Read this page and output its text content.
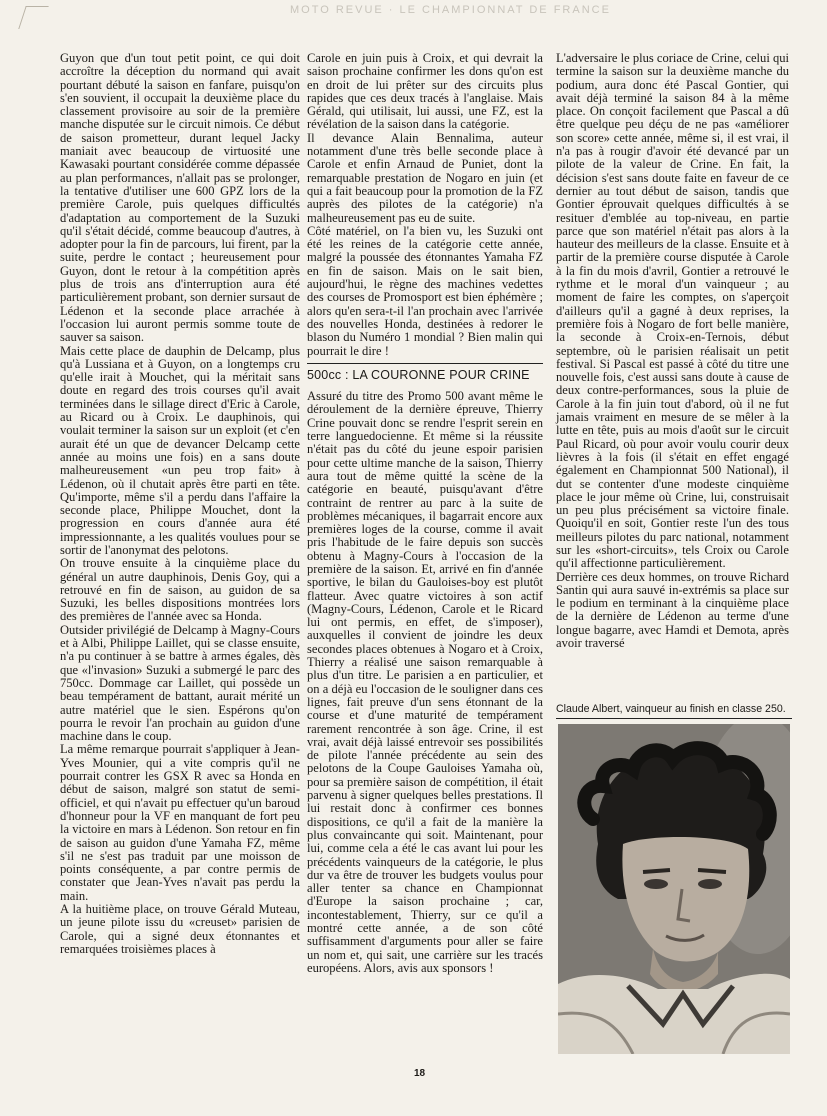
MOTO REVUE · LE CHAMPIONNAT DE FRANCE

Guyon que d'un tout petit point, ce qui doit accroître la déception du normand qui avait pourtant débuté la saison en fanfare, puisqu'on s'en souvient, il occupait la deuxième place du classement provisoire au soir de la première manche disputée sur le circuit nimois. Ce début de saison prometteur, durant lequel Jacky maniait avec beaucoup de virtuosité une Kawasaki pourtant considérée comme dépassée au plan performances, n'allait pas se prolonger, la tentative d'utiliser une 600 GPZ lors de la première Carole, puis quelques difficultés d'adaptation au comportement de la Suzuki qu'il s'était décidé, comme beaucoup d'autres, à adopter pour la fin de parcours, lui firent, par la suite, perdre le contact ; heureusement pour Guyon, dont le retour à la compétition après plus de trois ans d'interruption aura été particulièrement probant, son dernier sursaut de Lédenon et la seconde place arrachée à l'occasion lui auront permis somme toute de sauver sa saison.

Mais cette place de dauphin de Delcamp, plus qu'à Lussiana et à Guyon, on a longtemps cru qu'elle irait à Mouchet, qui la méritait sans doute en regard des trois courses qu'il avait terminées dans le sillage direct d'Eric à Carole, au Ricard ou à Croix. Le dauphinois, qui voulait terminer la saison sur un exploit (et c'en aurait été un que de devancer Delcamp cette année au moins une fois) en a sans doute malheureusement «un peu trop fait» à Lédenon, où il chutait après être parti en tête. Qu'importe, même s'il a perdu dans l'affaire la seconde place, Philippe Mouchet, dont la progression en cours d'année aura été impressionnante, a les qualités voulues pour se sortir de l'anonymat des pelotons.

On trouve ensuite à la cinquième place du général un autre dauphinois, Denis Goy, qui a retrouvé en fin de saison, au guidon de sa Suzuki, les belles dispositions montrées lors des premières de l'année avec sa Honda.

Outsider privilégié de Delcamp à Magny-Cours et à Albi, Philippe Laillet, qui se classe ensuite, n'a pu continuer à se battre à armes égales, dès que «l'invasion» Suzuki a submergé le parc des 750cc. Dommage car Laillet, qui possède un beau tempérament de battant, aurait mérité un autre matériel que le sien. Espérons qu'on pourra le revoir l'an prochain au guidon d'une machine dans le coup.

La même remarque pourrait s'appliquer à Jean-Yves Mounier, qui a vite compris qu'il ne pourrait contrer les GSX R avec sa Honda en début de saison, malgré son statut de semi-officiel, et qui n'avait pu effectuer qu'un baroud d'honneur pour la VF en manquant de fort peu la victoire en mars à Lédenon. Son retour en fin de saison au guidon d'une Yamaha FZ, même s'il ne s'est pas traduit par une moisson de points conséquente, a par contre permis de constater que Jean-Yves n'avait pas perdu la main.

A la huitième place, on trouve Gérald Muteau, un jeune pilote issu du «creuset» parisien de Carole, qui a signé deux étonnantes et remarquées troisièmes places à

Carole en juin puis à Croix, et qui devrait la saison prochaine confirmer les dons qu'on est en droit de lui prêter sur des circuits plus rapides que ces deux tracés à l'anglaise. Mais Gérald, qui utilisait, lui aussi, une FZ, est la révélation de la saison dans la catégorie.

Il devance Alain Bennalima, auteur notamment d'une très belle seconde place à Carole et enfin Arnaud de Puniet, dont la remarquable prestation de Nogaro en juin (et qui a fait beaucoup pour la promotion de la FZ auprès des pilotes de la catégorie) n'a malheureusement pas eu de suite.

Côté matériel, on l'a bien vu, les Suzuki ont été les reines de la catégorie cette année, malgré la poussée des étonnantes Yamaha FZ en fin de saison. Mais on le sait bien, aujourd'hui, le règne des machines vedettes des courses de Promosport est bien éphémère ; alors qu'en sera-t-il l'an prochain avec l'arrivée des nouvelles Honda, destinées à redorer le blason du Numéro 1 mondial ? Bien malin qui pourrait le dire !

500cc : LA COURONNE POUR CRINE

Assuré du titre des Promo 500 avant même le déroulement de la dernière épreuve, Thierry Crine pouvait donc se rendre l'esprit serein en terre languedocienne. Et même si la réussite n'était pas du côté du jeune espoir parisien pour cette ultime manche de la saison, Thierry aura tout de même quitté la scène de la catégorie en beauté, puisqu'avant d'être contraint de rentrer au parc à la suite de problèmes mécaniques, il bagarrait encore aux premières loges de la course, comme il avait pris l'habitude de le faire depuis son succès obtenu à Magny-Cours à l'occasion de la première de la saison. Et, arrivé en fin d'année sportive, le bilan du Gauloises-boy est plutôt flatteur. Avec quatre victoires à son actif (Magny-Cours, Lédenon, Carole et le Ricard lui ont permis, en effet, de s'imposer), auxquelles il convient de joindre les deux secondes places obtenues à Nogaro et à Croix, Thierry a réalisé une saison remarquable à plus d'un titre. Le parisien a en particulier, et on a déjà eu l'occasion de le souligner dans ces lignes, fait preuve d'un sens étonnant de la course et d'une maturité de tempérament rarement rencontrée à son âge. Crine, il est vrai, avait déjà laissé entrevoir ses possibilités de pilote l'année précédente au sein des pelotons de la Coupe Gauloises Yamaha où, pour sa première saison de compétition, il était parvenu à signer quelques belles prestations. Il lui restait donc à confirmer ces bonnes dispositions, ce qu'il a fait de la manière la plus convaincante qui soit. Maintenant, pour lui, comme cela a été le cas avant lui pour les précédents vainqueurs de la catégorie, le plus dur va être de trouver les budgets voulus pour aller tenter sa chance en Championnat d'Europe la saison prochaine ; car, incontestablement, Thierry, sur ce qu'il a montré cette année, a de son côté suffisamment d'arguments pour aller se faire un nom et, qui sait, une carrière sur les tracés européens. Alors, avis aux sponsors !

L'adversaire le plus coriace de Crine, celui qui termine la saison sur la deuxième manche du podium, aura donc été Pascal Gontier, qui avait déjà terminé la saison 84 à la même place. On conçoit facilement que Pascal a dû être quelque peu déçu de ne pas «améliorer son score» cette année, même si, il est vrai, il n'a pas à rougir d'avoir été devancé par un pilote de la valeur de Crine. En fait, la décision s'est sans doute faite en faveur de ce dernier au tout début de saison, tandis que Gontier éprouvait quelques difficultés à se resituer d'emblée au top-niveau, en partie parce que son matériel n'était pas alors à la hauteur des meilleurs de la classe. Ensuite et à partir de la première course disputée à Carole à la fin du mois d'avril, Gontier a retrouvé le rythme et le moral d'un vainqueur ; au moment de faire les comptes, on s'aperçoit d'ailleurs qu'il a gagné à deux reprises, la première fois à Nogaro de fort belle manière, la seconde à Croix-en-Ternois, début septembre, où le parisien réalisait un petit festival. Si Pascal est passé à côté du titre une nouvelle fois, c'est aussi sans doute à cause de deux contre-performances, sous la pluie de Carole à la fin juin tout d'abord, où il ne fut jamais vraiment en mesure de se mêler à la lutte en tête, puis au mois d'août sur le circuit Paul Ricard, où pour avoir voulu courir deux lièvres à la fois (il s'était en effet engagé également en Championnat 500 National), il dut se contenter d'une modeste cinquième place le jour même où Crine, lui, construisait un peu plus précisément sa victoire finale. Quoiqu'il en soit, Gontier reste l'un des tous meilleurs pilotes du parc national, notamment sur les «short-circuits», tels Croix ou Carole qu'il affectionne particulièrement.

Derrière ces deux hommes, on trouve Richard Santin qui aura sauvé in-extrémis sa place sur le podium en terminant à la cinquième place de la dernière de Lédenon au terme d'une longue bagarre, avec Hamdi et Demota, après avoir traversé

Claude Albert, vainqueur au finish en classe 250.
18
